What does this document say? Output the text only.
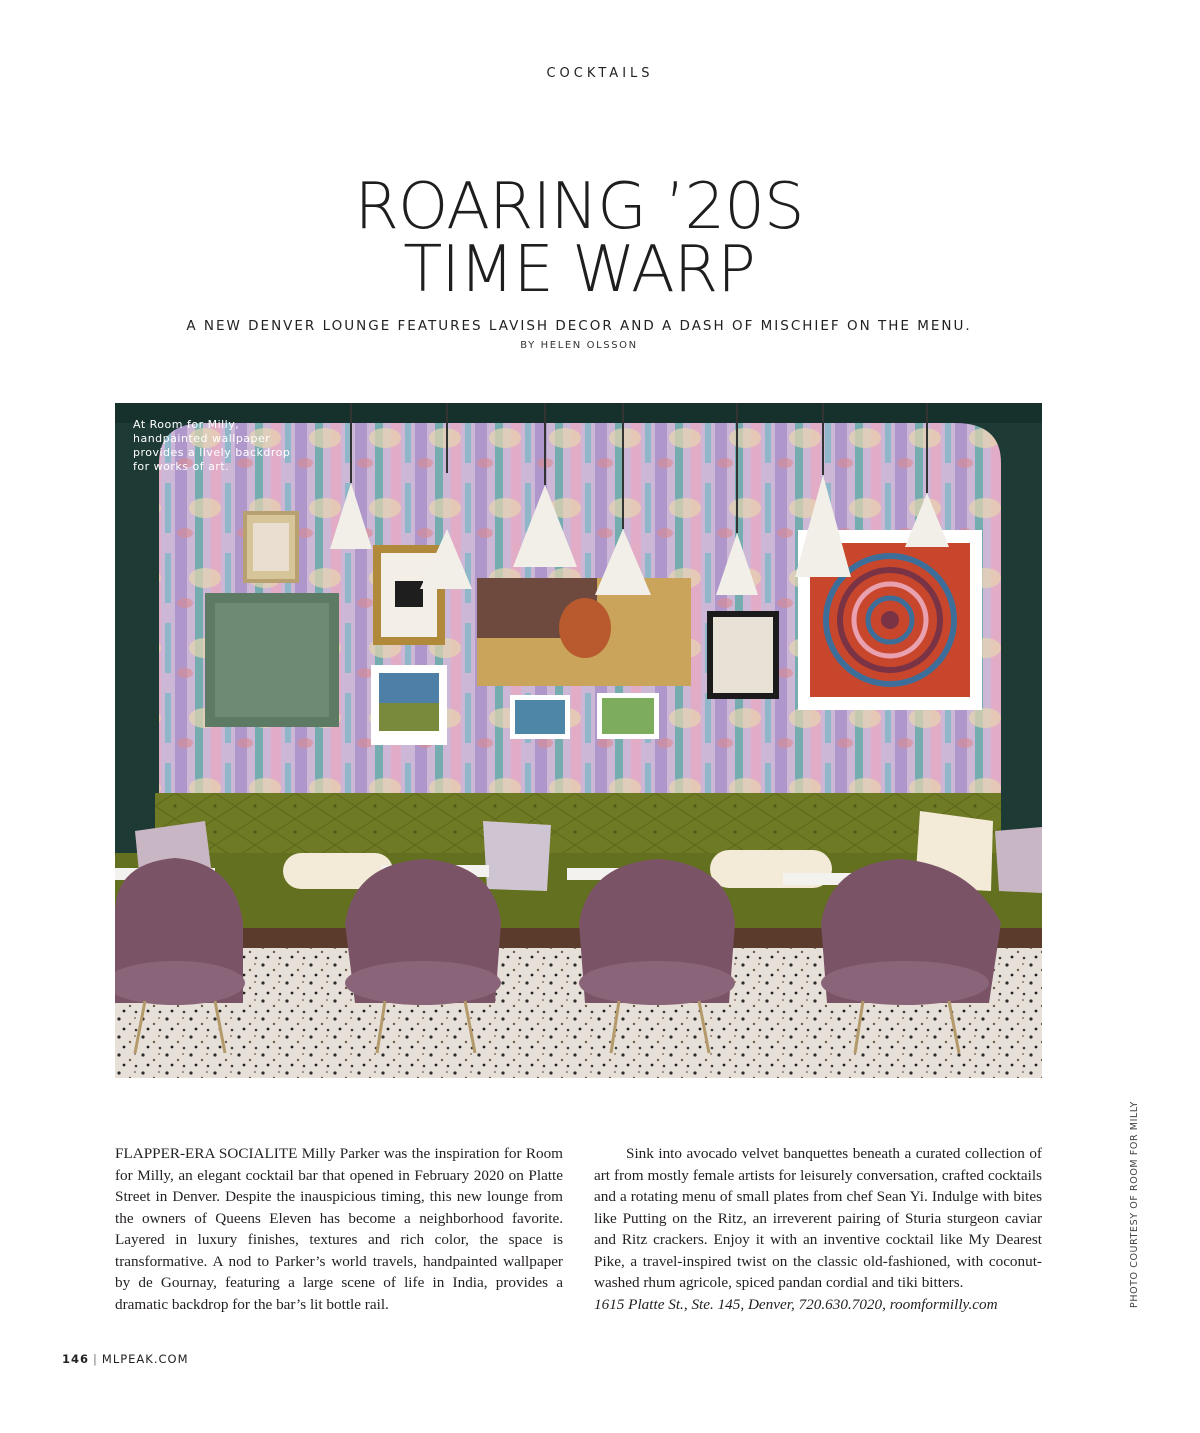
COCKTAILS
ROARING ’20S
TIME WARP
A NEW DENVER LOUNGE FEATURES LAVISH DECOR AND A DASH OF MISCHIEF ON THE MENU.
BY HELEN OLSSON
At Room for Milly, handpainted wallpaper provides a lively backdrop for works of art.

FLAPPER-ERA SOCIALITE Milly Parker was the inspiration for Room for Milly, an elegant cocktail bar that opened in February 2020 on Platte Street in Denver. Despite the inauspicious timing, this new lounge from the owners of Queens Eleven has become a neighborhood favorite. Layered in luxury finishes, textures and rich color, the space is transformative. A nod to Parker’s world travels, handpainted wallpaper by de Gournay, featuring a large scene of life in India, provides a dramatic backdrop for the bar’s lit bottle rail.

Sink into avocado velvet banquettes beneath a curated collection of art from mostly female artists for leisurely conversation, crafted cocktails and a rotating menu of small plates from chef Sean Yi. Indulge with bites like Putting on the Ritz, an irreverent pairing of Sturia sturgeon caviar and Ritz crackers. Enjoy it with an inventive cocktail like My Dearest Pike, a travel-inspired twist on the classic old-fashioned, with coconut-washed rhum agricole, spiced pandan cordial and tiki bitters.

1615 Platte St., Ste. 145, Denver, 720.630.7020, roomformilly.com	PHOTO COURTESY OF ROOM FOR MILLY
146 | MLPEAK.COM
